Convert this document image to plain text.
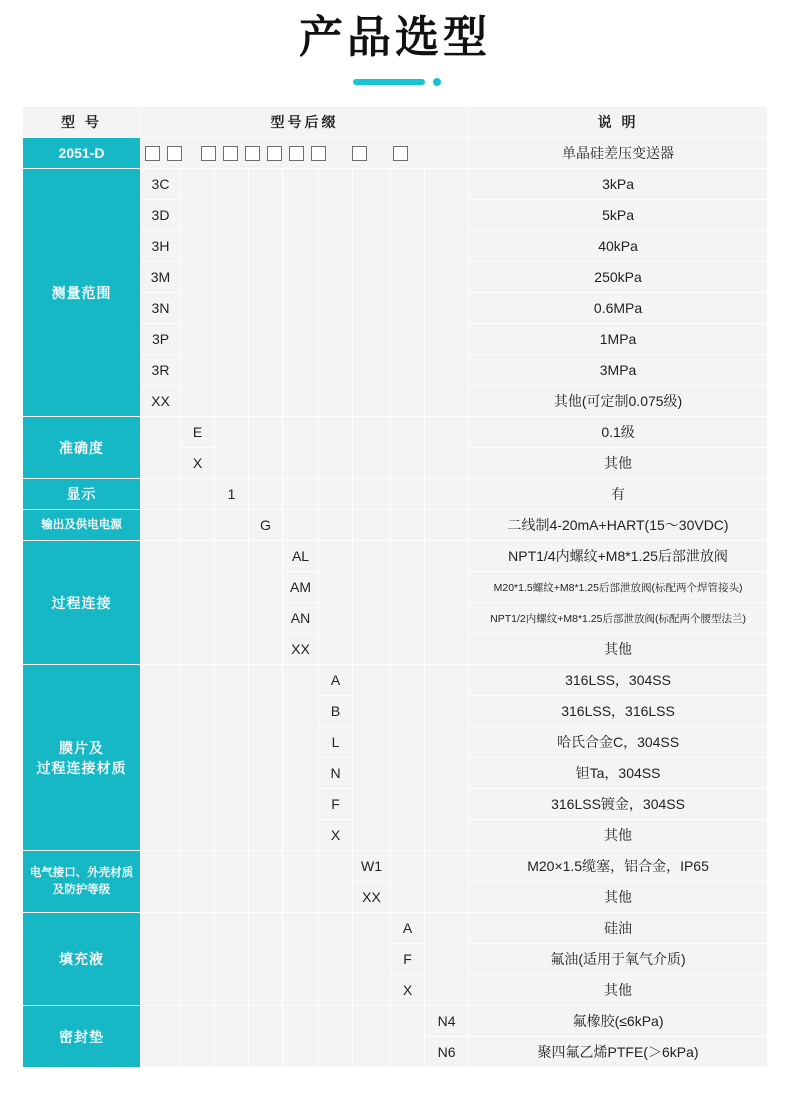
产品选型
型 号	型号后缀									说 明
2051-D										单晶硅差压变送器
测量范围	3C									3kPa
	3D									5kPa
	3H									40kPa
	3M									250kPa
	3N									0.6MPa
	3P									1MPa
	3R									3MPa
	XX									其他(可定制0.075级)
准确度		E								0.1级
		X								其他
显示			1							有
输出及供电电源				G						二线制4-20mA+HART(15～30VDC)
过程连接					AL					NPT1/4内螺纹+M8*1.25后部泄放阀
					AM					M20*1.5螺纹+M8*1.25后部泄放阀(标配两个焊管接头)
					AN					NPT1/2内螺纹+M8*1.25后部泄放阀(标配两个腰型法兰)
					XX					其他
膜片及
过程连接材质						A				316LSS，304SS
						B				316LSS，316LSS
						L				哈氏合金C，304SS
						N				钽Ta，304SS
						F				316LSS镀金，304SS
						X				其他
电气接口、外壳材质
及防护等级							W1			M20×1.5缆塞，铝合金，IP65
							XX			其他
填充液								A		硅油
								F		氟油(适用于氧气介质)
								X		其他
密封垫									N4	氟橡胶(≤6kPa)
									N6	聚四氟乙烯PTFE(＞6kPa)
